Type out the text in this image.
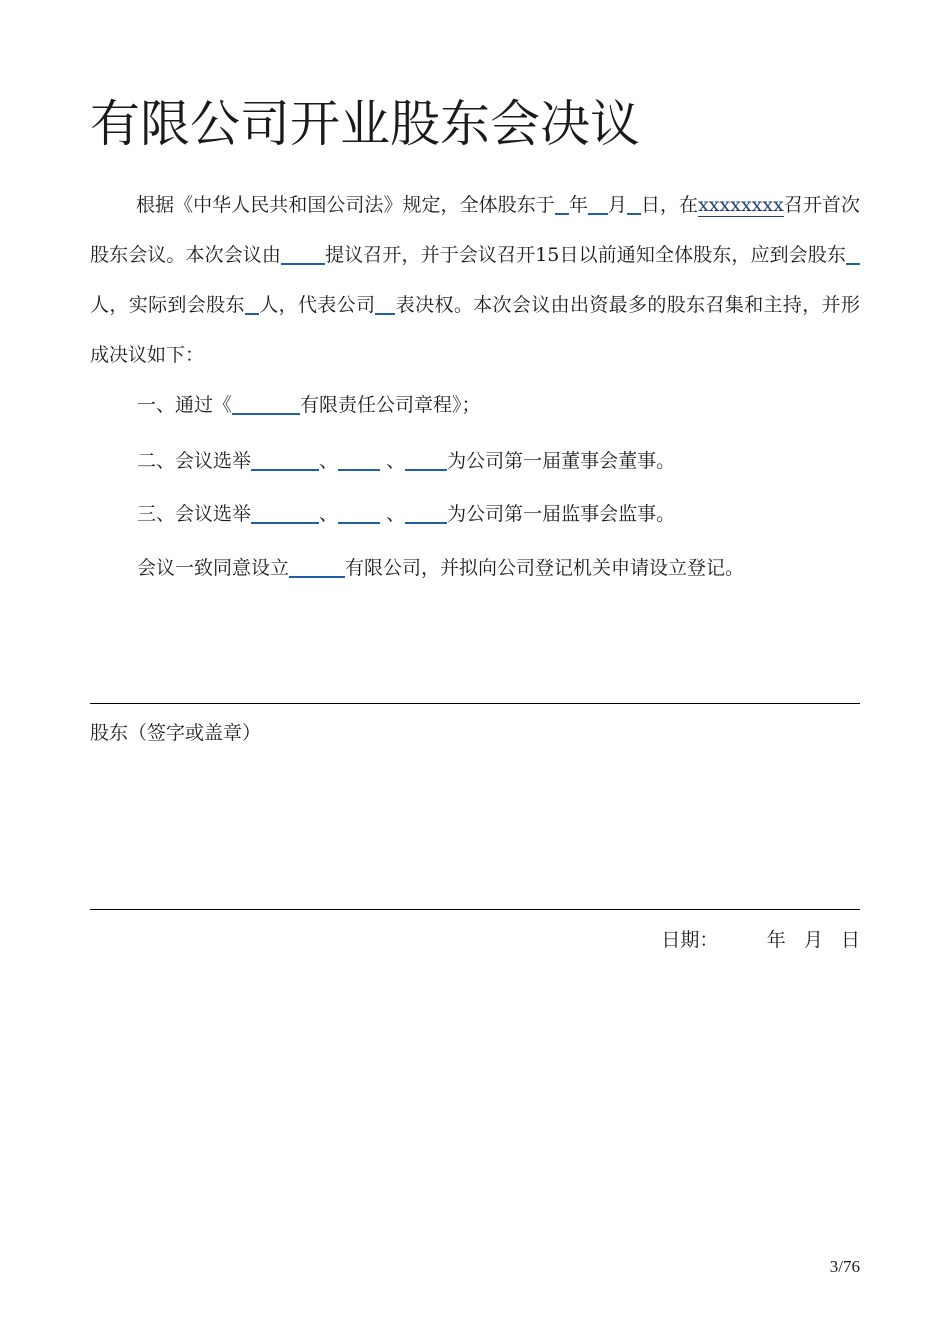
有限公司开业股东会决议

根据《中华人民共和国公司法》规定，全体股东于 年 月 日，在xxxxxxxx召开首次股东会议。本次会议由 提议召开，并于会议召开15日以前通知全体股东，应到会股东人，实际到会股东 人，代表公司 表决权。本次会议由出资最多的股东召集和主持，并形成决议如下：

一、通过《	有限责任公司章程》；
二、会议选举	、	、 为公司第一届董事会董事。
三、会议选举	、	、 为公司第一届监事会监事。
会议一致同意设立	有限公司，并拟向公司登记机关申请设立登记。
股东（签字或盖章）
日期：	年 月 日
3/76
